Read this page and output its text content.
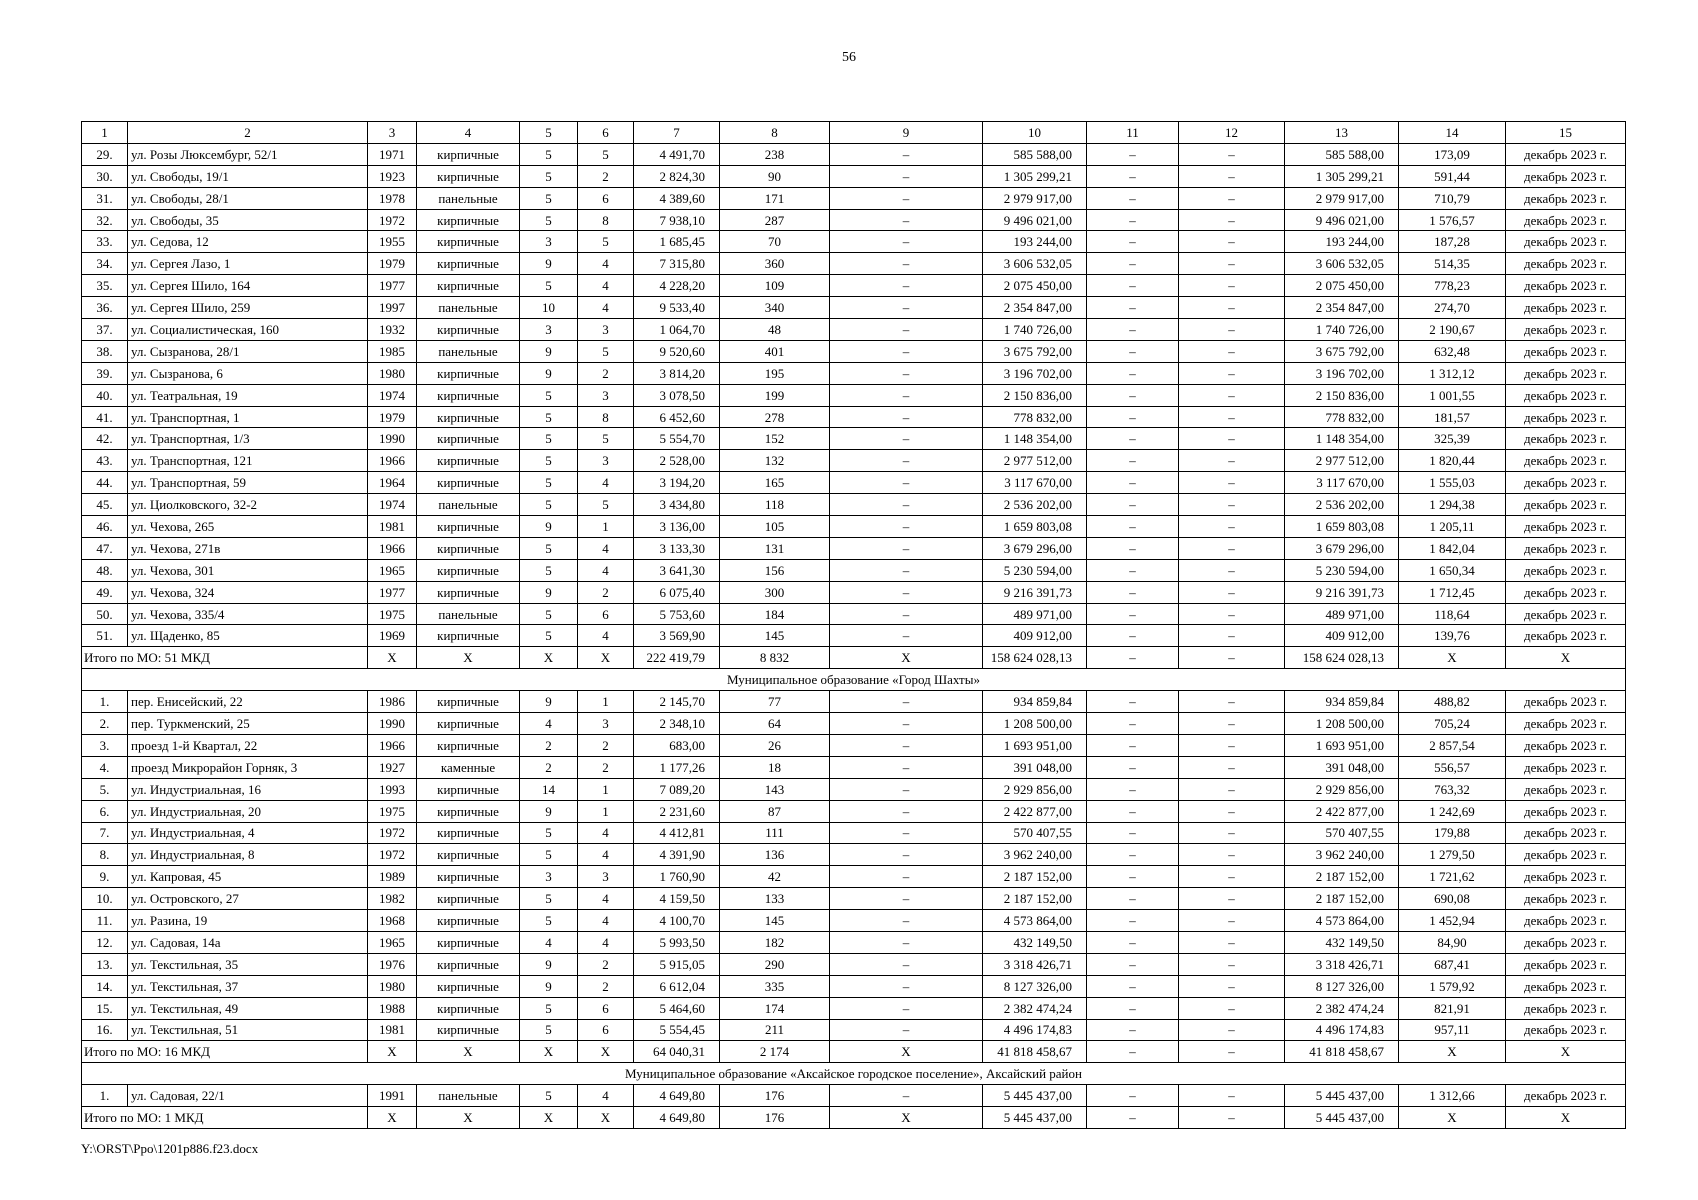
56
1	2	3	4	5	6	7	8	9	10	11	12	13	14	15
29.	ул. Розы Люксембург, 52/1	1971	кирпичные	5	5	4 491,70	238	–	585 588,00	–	–	585 588,00	173,09	декабрь 2023 г.
30.	ул. Свободы, 19/1	1923	кирпичные	5	2	2 824,30	90	–	1 305 299,21	–	–	1 305 299,21	591,44	декабрь 2023 г.
31.	ул. Свободы, 28/1	1978	панельные	5	6	4 389,60	171	–	2 979 917,00	–	–	2 979 917,00	710,79	декабрь 2023 г.
32.	ул. Свободы, 35	1972	кирпичные	5	8	7 938,10	287	–	9 496 021,00	–	–	9 496 021,00	1 576,57	декабрь 2023 г.
33.	ул. Седова, 12	1955	кирпичные	3	5	1 685,45	70	–	193 244,00	–	–	193 244,00	187,28	декабрь 2023 г.
34.	ул. Сергея Лазо, 1	1979	кирпичные	9	4	7 315,80	360	–	3 606 532,05	–	–	3 606 532,05	514,35	декабрь 2023 г.
35.	ул. Сергея Шило, 164	1977	кирпичные	5	4	4 228,20	109	–	2 075 450,00	–	–	2 075 450,00	778,23	декабрь 2023 г.
36.	ул. Сергея Шило, 259	1997	панельные	10	4	9 533,40	340	–	2 354 847,00	–	–	2 354 847,00	274,70	декабрь 2023 г.
37.	ул. Социалистическая, 160	1932	кирпичные	3	3	1 064,70	48	–	1 740 726,00	–	–	1 740 726,00	2 190,67	декабрь 2023 г.
38.	ул. Сызранова, 28/1	1985	панельные	9	5	9 520,60	401	–	3 675 792,00	–	–	3 675 792,00	632,48	декабрь 2023 г.
39.	ул. Сызранова, 6	1980	кирпичные	9	2	3 814,20	195	–	3 196 702,00	–	–	3 196 702,00	1 312,12	декабрь 2023 г.
40.	ул. Театральная, 19	1974	кирпичные	5	3	3 078,50	199	–	2 150 836,00	–	–	2 150 836,00	1 001,55	декабрь 2023 г.
41.	ул. Транспортная, 1	1979	кирпичные	5	8	6 452,60	278	–	778 832,00	–	–	778 832,00	181,57	декабрь 2023 г.
42.	ул. Транспортная, 1/3	1990	кирпичные	5	5	5 554,70	152	–	1 148 354,00	–	–	1 148 354,00	325,39	декабрь 2023 г.
43.	ул. Транспортная, 121	1966	кирпичные	5	3	2 528,00	132	–	2 977 512,00	–	–	2 977 512,00	1 820,44	декабрь 2023 г.
44.	ул. Транспортная, 59	1964	кирпичные	5	4	3 194,20	165	–	3 117 670,00	–	–	3 117 670,00	1 555,03	декабрь 2023 г.
45.	ул. Циолковского, 32-2	1974	панельные	5	5	3 434,80	118	–	2 536 202,00	–	–	2 536 202,00	1 294,38	декабрь 2023 г.
46.	ул. Чехова, 265	1981	кирпичные	9	1	3 136,00	105	–	1 659 803,08	–	–	1 659 803,08	1 205,11	декабрь 2023 г.
47.	ул. Чехова, 271в	1966	кирпичные	5	4	3 133,30	131	–	3 679 296,00	–	–	3 679 296,00	1 842,04	декабрь 2023 г.
48.	ул. Чехова, 301	1965	кирпичные	5	4	3 641,30	156	–	5 230 594,00	–	–	5 230 594,00	1 650,34	декабрь 2023 г.
49.	ул. Чехова, 324	1977	кирпичные	9	2	6 075,40	300	–	9 216 391,73	–	–	9 216 391,73	1 712,45	декабрь 2023 г.
50.	ул. Чехова, 335/4	1975	панельные	5	6	5 753,60	184	–	489 971,00	–	–	489 971,00	118,64	декабрь 2023 г.
51.	ул. Щаденко, 85	1969	кирпичные	5	4	3 569,90	145	–	409 912,00	–	–	409 912,00	139,76	декабрь 2023 г.
Итого по МО: 51 МКД		X	X	X	X	222 419,79	8 832	X	158 624 028,13	–	–	158 624 028,13	X	X
Муниципальное образование «Город Шахты»														
1.	пер. Енисейский, 22	1986	кирпичные	9	1	2 145,70	77	–	934 859,84	–	–	934 859,84	488,82	декабрь 2023 г.
2.	пер. Туркменский, 25	1990	кирпичные	4	3	2 348,10	64	–	1 208 500,00	–	–	1 208 500,00	705,24	декабрь 2023 г.
3.	проезд 1-й Квартал, 22	1966	кирпичные	2	2	683,00	26	–	1 693 951,00	–	–	1 693 951,00	2 857,54	декабрь 2023 г.
4.	проезд Микрорайон Горняк, 3	1927	каменные	2	2	1 177,26	18	–	391 048,00	–	–	391 048,00	556,57	декабрь 2023 г.
5.	ул. Индустриальная, 16	1993	кирпичные	14	1	7 089,20	143	–	2 929 856,00	–	–	2 929 856,00	763,32	декабрь 2023 г.
6.	ул. Индустриальная, 20	1975	кирпичные	9	1	2 231,60	87	–	2 422 877,00	–	–	2 422 877,00	1 242,69	декабрь 2023 г.
7.	ул. Индустриальная, 4	1972	кирпичные	5	4	4 412,81	111	–	570 407,55	–	–	570 407,55	179,88	декабрь 2023 г.
8.	ул. Индустриальная, 8	1972	кирпичные	5	4	4 391,90	136	–	3 962 240,00	–	–	3 962 240,00	1 279,50	декабрь 2023 г.
9.	ул. Капровая, 45	1989	кирпичные	3	3	1 760,90	42	–	2 187 152,00	–	–	2 187 152,00	1 721,62	декабрь 2023 г.
10.	ул. Островского, 27	1982	кирпичные	5	4	4 159,50	133	–	2 187 152,00	–	–	2 187 152,00	690,08	декабрь 2023 г.
11.	ул. Разина, 19	1968	кирпичные	5	4	4 100,70	145	–	4 573 864,00	–	–	4 573 864,00	1 452,94	декабрь 2023 г.
12.	ул. Садовая, 14а	1965	кирпичные	4	4	5 993,50	182	–	432 149,50	–	–	432 149,50	84,90	декабрь 2023 г.
13.	ул. Текстильная, 35	1976	кирпичные	9	2	5 915,05	290	–	3 318 426,71	–	–	3 318 426,71	687,41	декабрь 2023 г.
14.	ул. Текстильная, 37	1980	кирпичные	9	2	6 612,04	335	–	8 127 326,00	–	–	8 127 326,00	1 579,92	декабрь 2023 г.
15.	ул. Текстильная, 49	1988	кирпичные	5	6	5 464,60	174	–	2 382 474,24	–	–	2 382 474,24	821,91	декабрь 2023 г.
16.	ул. Текстильная, 51	1981	кирпичные	5	6	5 554,45	211	–	4 496 174,83	–	–	4 496 174,83	957,11	декабрь 2023 г.
Итого по МО: 16 МКД		X	X	X	X	64 040,31	2 174	X	41 818 458,67	–	–	41 818 458,67	X	X
Муниципальное образование «Аксайское городское поселение», Аксайский район														
1.	ул. Садовая, 22/1	1991	панельные	5	4	4 649,80	176	–	5 445 437,00	–	–	5 445 437,00	1 312,66	декабрь 2023 г.
Итого по МО: 1 МКД		X	X	X	X	4 649,80	176	X	5 445 437,00	–	–	5 445 437,00	X	X
Y:\ORST\Ppo\1201p886.f23.docx
